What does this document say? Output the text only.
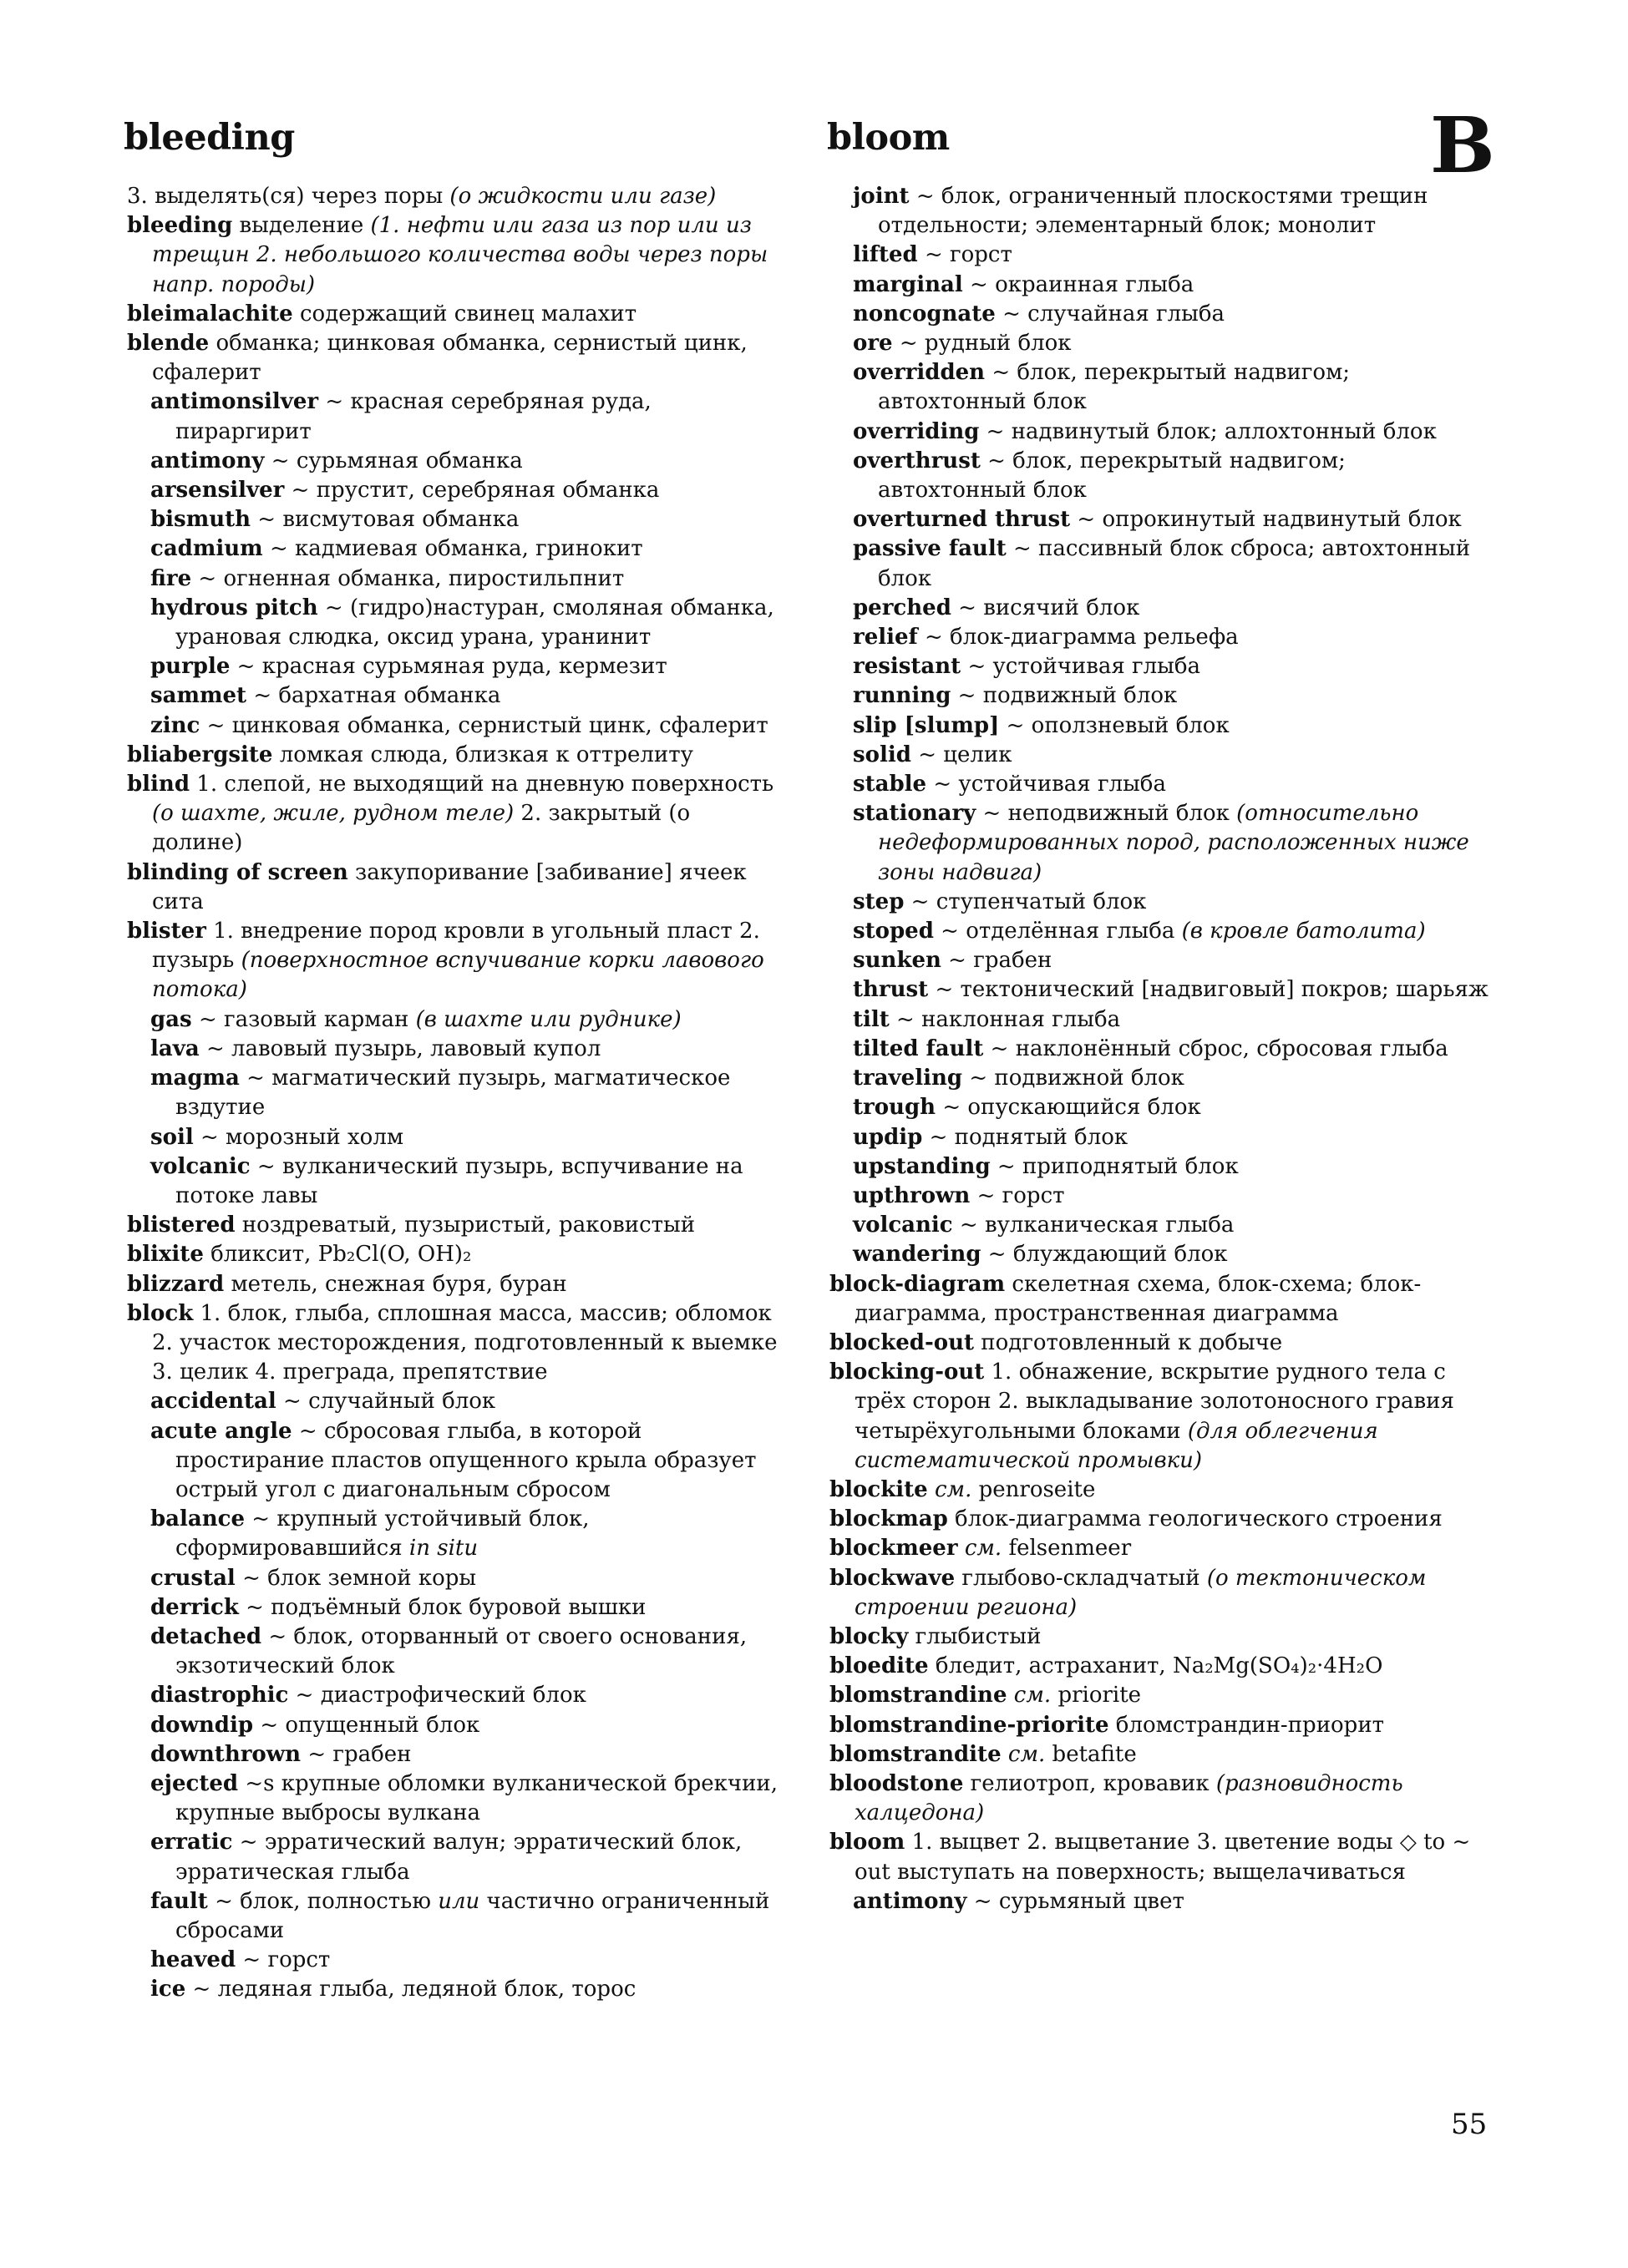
bleeding	bloom	B

3. выделять(ся) через поры (о жидкости или газе)

bleeding выделение (1. нефти или газа из пор или из трещин 2. небольшого количества воды через поры напр. породы)

bleimalachite содержащий свинец малахит

blende обманка; цинковая обманка, сернистый цинк, сфалерит

antimonsilver ~ красная серебряная руда, пираргирит

antimony ~ сурьмяная обманка

arsensilver ~ прустит, серебряная обманка

bismuth ~ висмутовая обманка

cadmium ~ кадмиевая обманка, гринокит

fire ~ огненная обманка, пиростильпнит

hydrous pitch ~ (гидро)настуран, смоляная обманка, урановая слюдка, оксид урана, уранинит

purple ~ красная сурьмяная руда, кермезит

sammet ~ бархатная обманка

zinc ~ цинковая обманка, сернистый цинк, сфалерит

bliabergsite ломкая слюда, близкая к оттрелиту

blind 1. слепой, не выходящий на дневную поверхность (о шахте, жиле, рудном теле) 2. закрытый (о долине)

blinding of screen закупоривание [забивание] ячеек сита

blister 1. внедрение пород кровли в угольный пласт 2. пузырь (поверхностное вспучивание корки лавового потока)

gas ~ газовый карман (в шахте или руднике)

lava ~ лавовый пузырь, лавовый купол

magma ~ магматический пузырь, магматическое вздутие

soil ~ морозный холм

volcanic ~ вулканический пузырь, вспучивание на потоке лавы

blistered ноздреватый, пузыристый, раковистый

blixite бликсит, Pb₂Cl(O, OH)₂

blizzard метель, снежная буря, буран

block 1. блок, глыба, сплошная масса, массив; обломок 2. участок месторождения, подготовленный к выемке 3. целик 4. преграда, препятствие

accidental ~ случайный блок

acute angle ~ сбросовая глыба, в которой простирание пластов опущенного крыла образует острый угол с диагональным сбросом

balance ~ крупный устойчивый блок, сформировавшийся in situ

crustal ~ блок земной коры

derrick ~ подъёмный блок буровой вышки

detached ~ блок, оторванный от своего основания, экзотический блок

diastrophic ~ диастрофический блок

downdip ~ опущенный блок

downthrown ~ грабен

ejected ~s крупные обломки вулканической брекчии, крупные выбросы вулкана

erratic ~ эрратический валун; эрратический блок, эрратическая глыба

fault ~ блок, полностью или частично ограниченный сбросами

heaved ~ горст

ice ~ ледяная глыба, ледяной блок, торос

joint ~ блок, ограниченный плоскостями трещин отдельности; элементарный блок; монолит

lifted ~ горст

marginal ~ окраинная глыба

noncognate ~ случайная глыба

ore ~ рудный блок

overridden ~ блок, перекрытый надвигом; автохтонный блок

overriding ~ надвинутый блок; аллохтонный блок

overthrust ~ блок, перекрытый надвигом; автохтонный блок

overturned thrust ~ опрокинутый надвинутый блок

passive fault ~ пассивный блок сброса; автохтонный блок

perched ~ висячий блок

relief ~ блок-диаграмма рельефа

resistant ~ устойчивая глыба

running ~ подвижный блок

slip [slump] ~ оползневый блок

solid ~ целик

stable ~ устойчивая глыба

stationary ~ неподвижный блок (относительно недеформированных пород, расположенных ниже зоны надвига)

step ~ ступенчатый блок

stoped ~ отделённая глыба (в кровле батолита)

sunken ~ грабен

thrust ~ тектонический [надвиговый] покров; шарьяж

tilt ~ наклонная глыба

tilted fault ~ наклонённый сброс, сбросовая глыба

traveling ~ подвижной блок

trough ~ опускающийся блок

updip ~ поднятый блок

upstanding ~ приподнятый блок

upthrown ~ горст

volcanic ~ вулканическая глыба

wandering ~ блуждающий блок

block-diagram скелетная схема, блок-схема; блок-диаграмма, пространственная диаграмма

blocked-out подготовленный к добыче

blocking-out 1. обнажение, вскрытие рудного тела с трёх сторон 2. выкладывание золотоносного гравия четырёхугольными блоками (для облегчения систематической промывки)

blockite см. penroseite

blockmap блок-диаграмма геологического строения

blockmeer см. felsenmeer

blockwave глыбово-складчатый (о тектоническом строении региона)

blocky глыбистый

bloedite бледит, астраханит, Na₂Mg(SO₄)₂·4H₂O

blomstrandine см. priorite

blomstrandine-priorite бломстрандин-приорит

blomstrandite см. betafite

bloodstone гелиотроп, кровавик (разновидность халцедона)

bloom 1. выцвет 2. выцветание 3. цветение воды ◇ to ~ out выступать на поверхность; выщелачиваться

antimony ~ сурьмяный цвет

55
